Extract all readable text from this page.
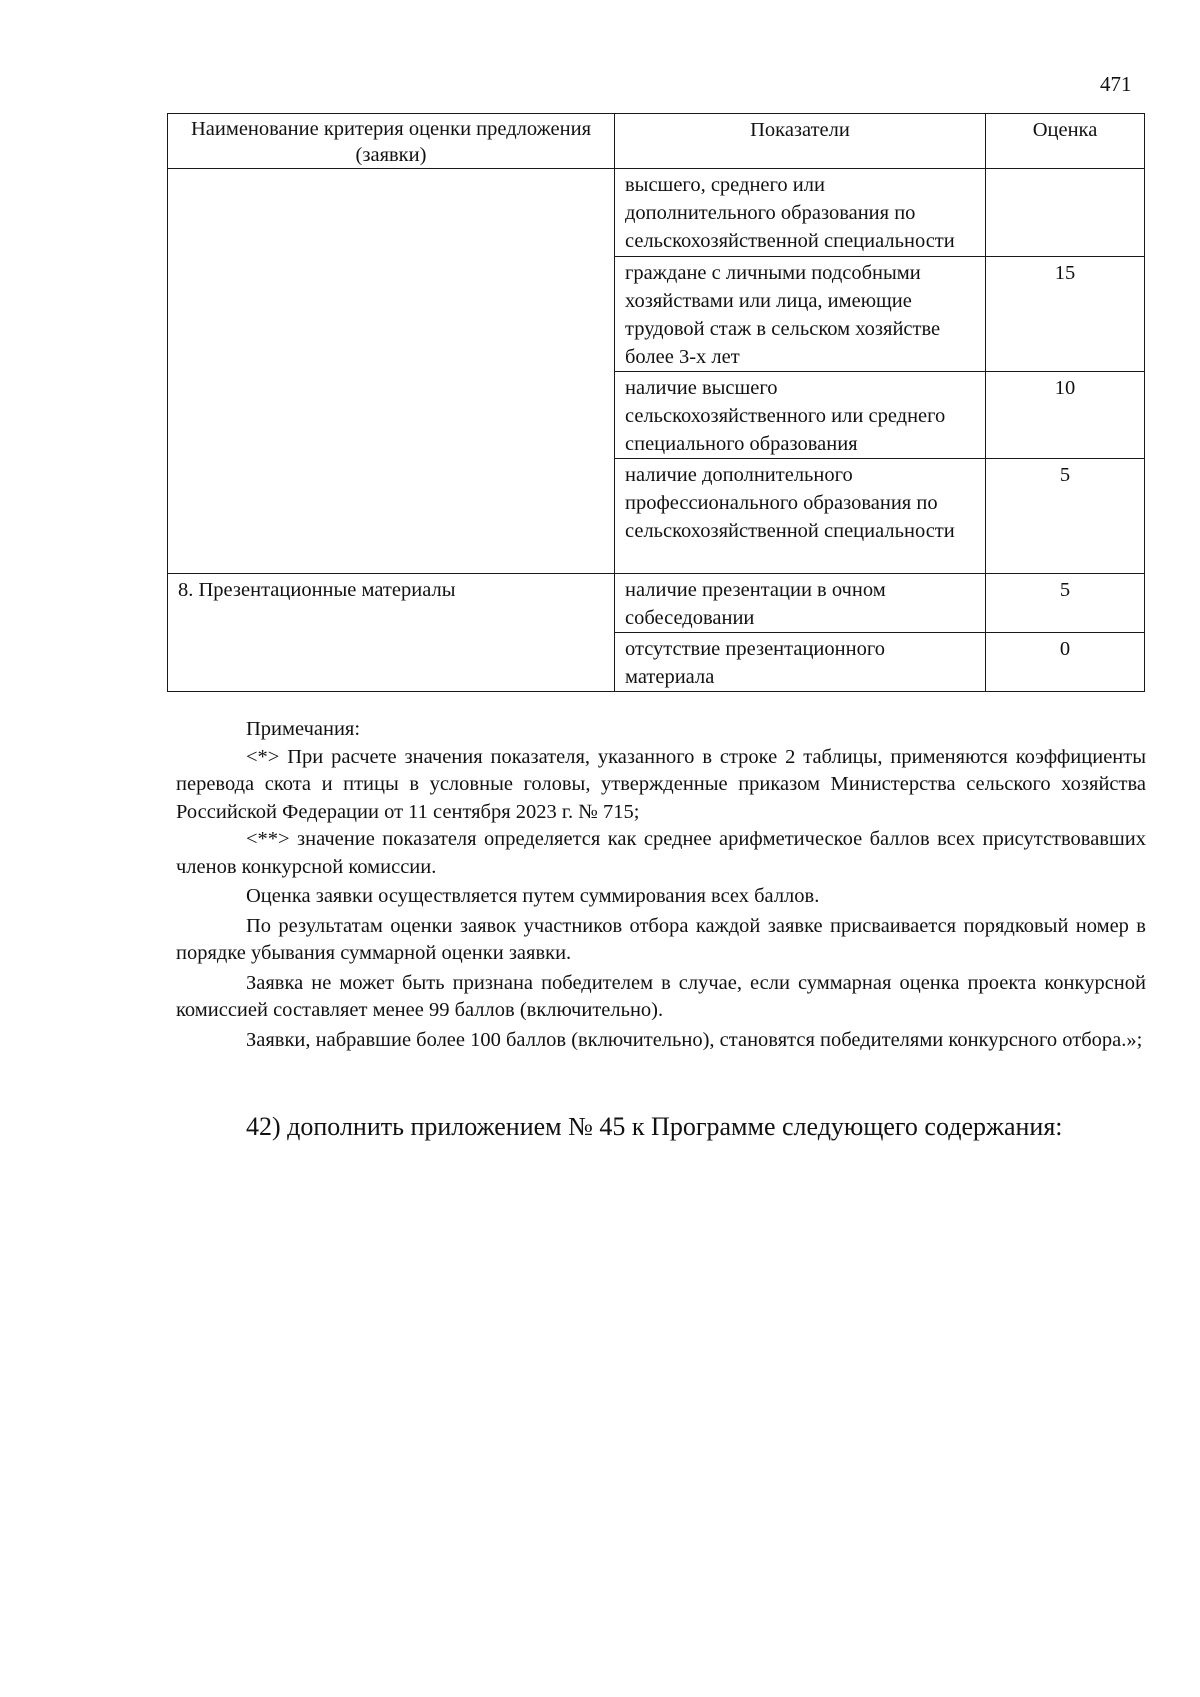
471
Наименование критерия оценки предложения (заявки)	Показатели	Оценка
	высшего, среднего или дополнительного образования по сельскохозяйственной специальности	
	граждане с личными подсобными хозяйствами или лица, имеющие трудовой стаж в сельском хозяйстве более 3-х лет	15
	наличие высшего сельскохозяйственного или среднего специального образования	10
	наличие дополнительного профессионального образования по сельскохозяйственной специальности	5
8. Презентационные материалы	наличие презентации в очном собеседовании	5
	отсутствие презентационного материала	0

Примечания:

<*> При расчете значения показателя, указанного в строке 2 таблицы, применяются коэффициенты перевода скота и птицы в условные головы, утвержденные приказом Министерства сельского хозяйства Российской Федерации от 11 сентября 2023 г. № 715;

<**> значение показателя определяется как среднее арифметическое баллов всех присутствовавших членов конкурсной комиссии.

Оценка заявки осуществляется путем суммирования всех баллов.

По результатам оценки заявок участников отбора каждой заявке присваивается порядковый номер в порядке убывания суммарной оценки заявки.

Заявка не может быть признана победителем в случае, если суммарная оценка проекта конкурсной комиссией составляет менее 99 баллов (включительно).

Заявки, набравшие более 100 баллов (включительно), становятся победителями конкурсного отбора.»;

42) дополнить приложением № 45 к Программе следующего содержания:
